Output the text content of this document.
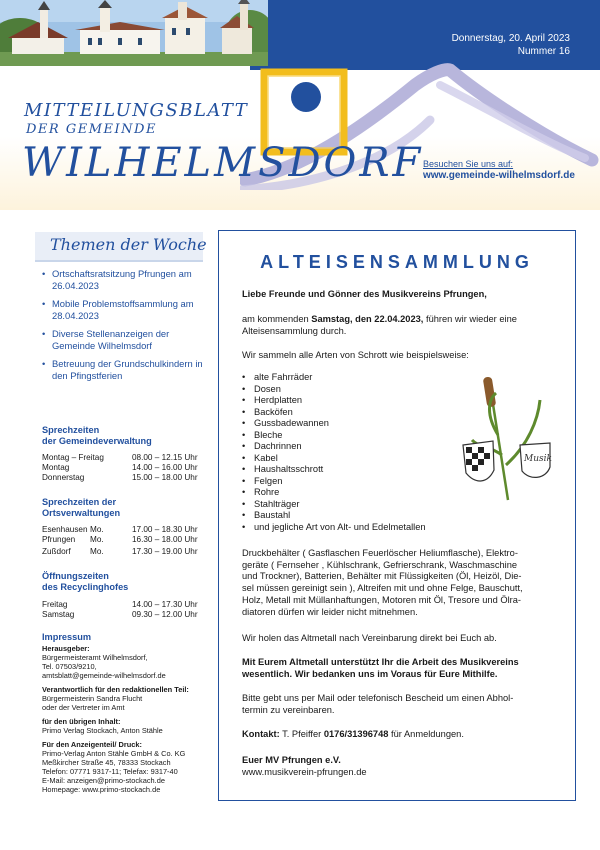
Donnerstag, 20. April 2023
Nummer 16
MITTEILUNGSBLATT
DER GEMEINDE
WILHELMSDORF Besuchen Sie uns auf:
www.gemeinde-wilhelmsdorf.de
Themen der Woche
• Ortschaftsratsitzung Pfrungen am 26.04.2023
• Mobile Problemstoffsammlung am 28.04.2023
• Diverse Stellenanzeigen der Gemeinde Wilhelmsdorf
• Betreuung der Grundschulkindern in den Pfingstferien
Sprechzeiten
der Gemeindeverwaltung
Montag – Freitag	08.00 – 12.15 Uhr
Montag	14.00 – 16.00 Uhr
Donnerstag	15.00 – 18.00 Uhr
Sprechzeiten der
Ortsverwaltungen
Esenhausen Mo.	17.00 – 18.30 Uhr
Pfrungen Mo.	16.30 – 18.00 Uhr
Zußdorf Mo.	17.30 – 19.00 Uhr
Öffnungszeiten
des Recyclinghofes
Freitag	14.00 – 17.30 Uhr
Samstag	09.30 – 12.00 Uhr
Impressum
Herausgeber:
Bürgermeisteramt Wilhelmsdorf,
Tel. 07503/9210,
amtsblatt@gemeinde-wilhelmsdorf.de
Verantwortlich für den redaktionellen Teil:
Bürgermeisterin Sandra Flucht
oder der Vertreter im Amt
für den übrigen Inhalt:
Primo Verlag Stockach, Anton Stähle
Für den Anzeigenteil/ Druck:
Primo-Verlag Anton Stähle GmbH & Co. KG
Meßkircher Straße 45, 78333 Stockach
Telefon: 07771 9317-11; Telefax: 9317-40
E-Mail: anzeigen@primo-stockach.de
Homepage: www.primo-stockach.de
ALTEISENSAMMLUNG
Liebe Freunde und Gönner des Musikvereins Pfrungen,
am kommenden Samstag, den 22.04.2023, führen wir wieder eine
Alteisensammlung durch.
Wir sammeln alle Arten von Schrott wie beispielsweise:
• alte Fahrräder
• Dosen
• Herdplatten
• Backöfen
• Gussbadewannen
• Bleche
• Dachrinnen
• Kabel
• Haushaltsschrott
• Felgen
• Rohre
• Stahlträger
• Baustahl
• und jegliche Art von Alt- und Edelmetallen
Musik
Druckbehälter ( Gasflaschen Feuerlöscher Heliumflasche), Elektro-
geräte ( Fernseher , Kühlschrank, Gefrierschrank, Waschmaschine
und Trockner), Batterien, Behälter mit Flüssigkeiten (Öl, Heizöl, Die-
sel müssen gereinigt sein ), Altreifen mit und ohne Felge, Bauschutt,
Holz, Metall mit Müllanhaftungen, Motoren mit Öl, Tresore und Ölra-
diatoren dürfen wir leider nicht mitnehmen.
Wir holen das Altmetall nach Vereinbarung direkt bei Euch ab.
Mit Eurem Altmetall unterstützt Ihr die Arbeit des Musikvereins
wesentlich. Wir bedanken uns im Voraus für Eure Mithilfe.
Bitte gebt uns per Mail oder telefonisch Bescheid um einen Abhol-
termin zu vereinbaren.
Kontakt: T. Pfeiffer 0176/31396748 für Anmeldungen.
Euer MV Pfrungen e.V.
www.musikverein-pfrungen.de
